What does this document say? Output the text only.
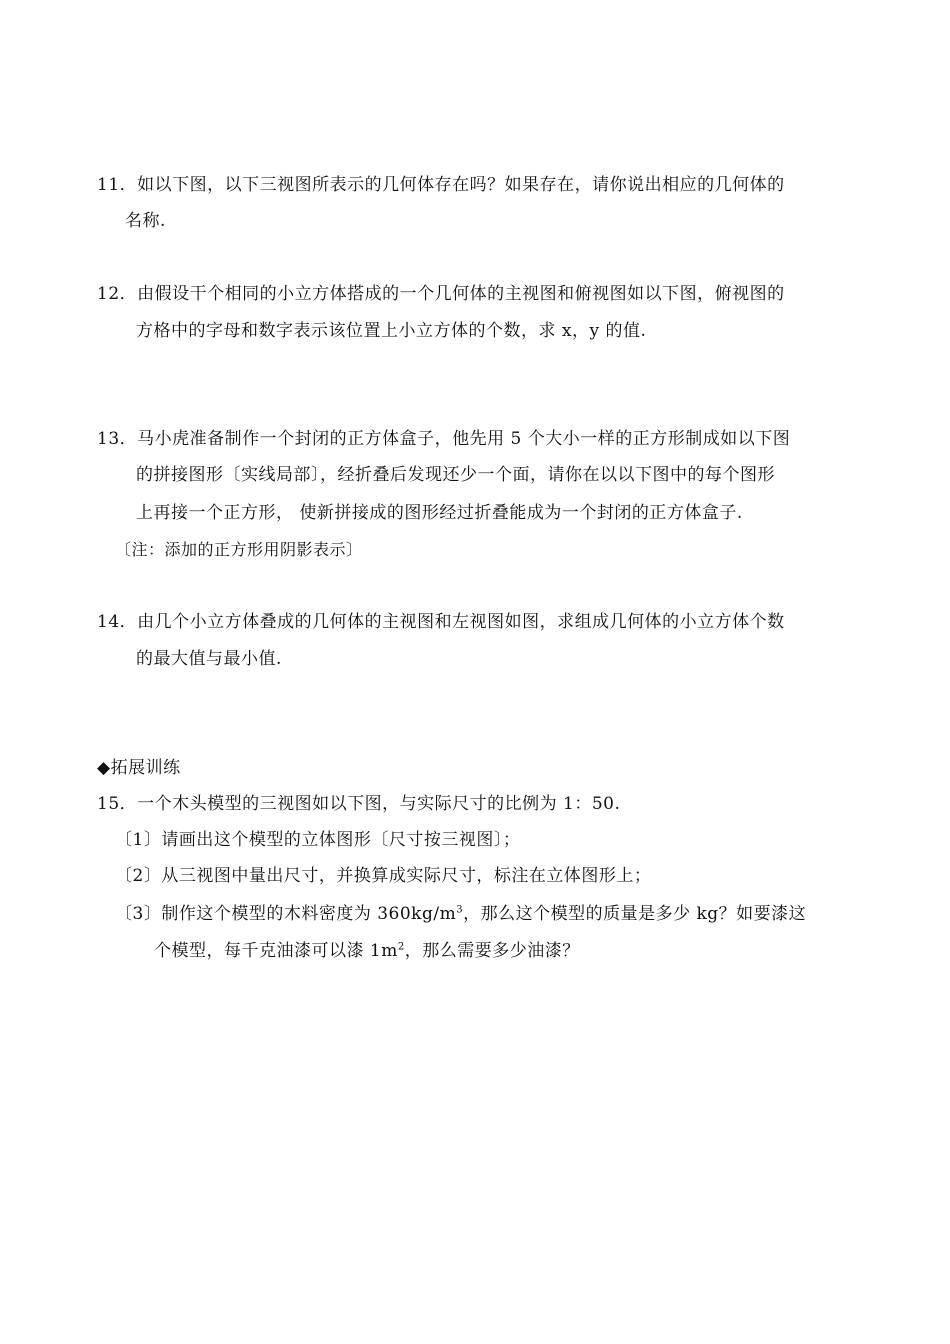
11．如以下图，以下三视图所表示的几何体存在吗？如果存在，请你说出相应的几何体的
名称.
12．由假设干个相同的小立方体搭成的一个几何体的主视图和俯视图如以下图，俯视图的
方格中的字母和数字表示该位置上小立方体的个数，求 x，y 的值.
13．马小虎准备制作一个封闭的正方体盒子，他先用 5 个大小一样的正方形制成如以下图
的拼接图形〔实线局部〕，经折叠后发现还少一个面，请你在以以下图中的每个图形
上再接一个正方形， 使新拼接成的图形经过折叠能成为一个封闭的正方体盒子.
〔注：添加的正方形用阴影表示〕
14．由几个小立方体叠成的几何体的主视图和左视图如图，求组成几何体的小立方体个数
的最大值与最小值.
◆拓展训练
15．一个木头模型的三视图如以下图，与实际尺寸的比例为 1：50.
〔1〕请画出这个模型的立体图形〔尺寸按三视图〕；
〔2〕从三视图中量出尺寸，并换算成实际尺寸，标注在立体图形上；
〔3〕制作这个模型的木料密度为 $360kg/m^3$，那么这个模型的质量是多少 kg？如要漆这
个模型，每千克油漆可以漆 $1m^2$，那么需要多少油漆？
